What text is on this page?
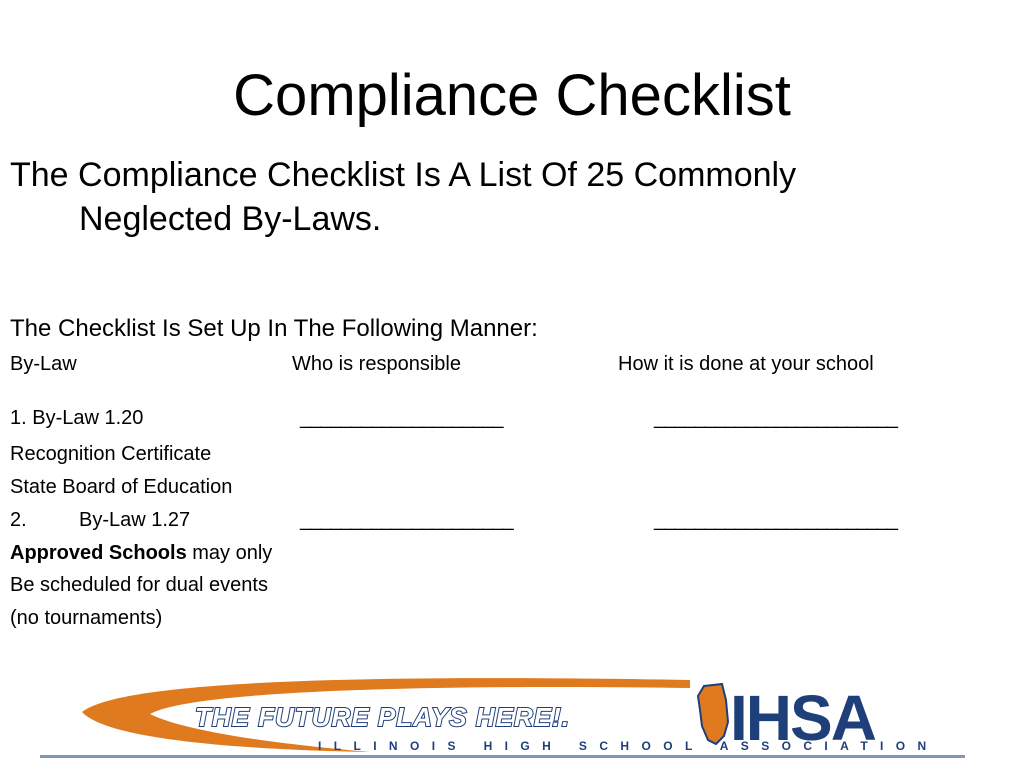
Compliance Checklist
The Compliance Checklist Is A List Of 25 Commonly
Neglected By-Laws.
The Checklist Is Set Up In The Following Manner:
By-Law	Who is responsible	How it is done at your school
1. By-Law 1.20	____________________	________________________
Recognition Certificate
State Board of Education
2.	By-Law 1.27	_____________________	________________________
Approved Schools may only
Be scheduled for dual events
(no tournaments)
THE FUTURE PLAYS HERE!.	IHSA
ILLINOIS HIGH SCHOOL ASSOCIATION
